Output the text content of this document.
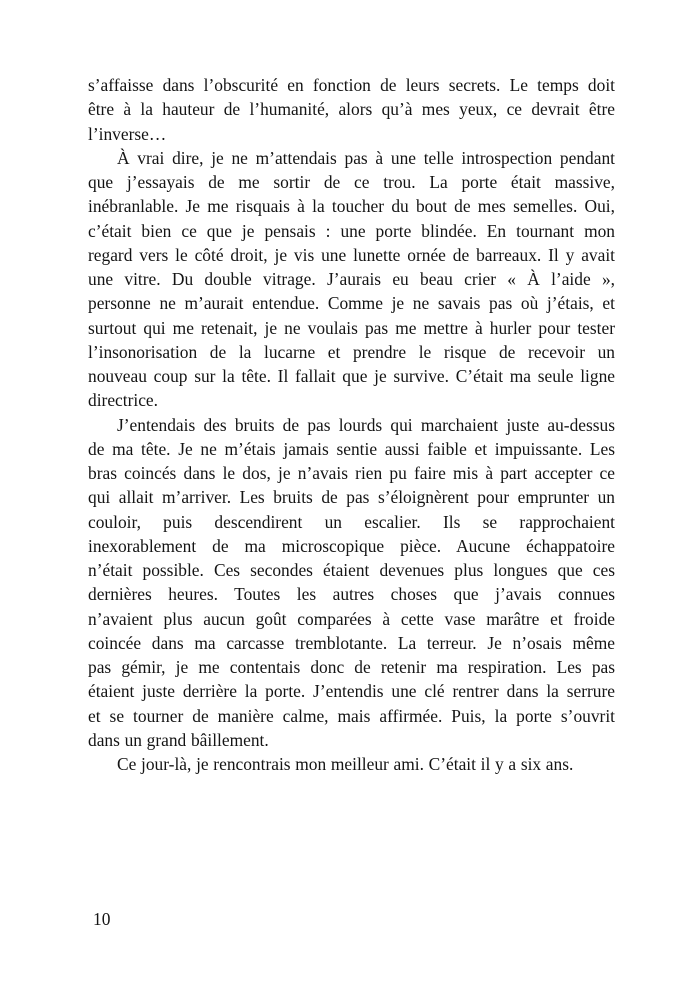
s’affaisse dans l’obscurité en fonction de leurs secrets. Le temps doit
être à la hauteur de l’humanité, alors qu’à mes yeux, ce devrait être
l’inverse…
À vrai dire, je ne m’attendais pas à une telle introspection pendant
que j’essayais de me sortir de ce trou. La porte était massive,
inébranlable. Je me risquais à la toucher du bout de mes semelles. Oui,
c’était bien ce que je pensais : une porte blindée. En tournant mon
regard vers le côté droit, je vis une lunette ornée de barreaux. Il y avait
une vitre. Du double vitrage. J’aurais eu beau crier « À l’aide »,
personne ne m’aurait entendue. Comme je ne savais pas où j’étais, et
surtout qui me retenait, je ne voulais pas me mettre à hurler pour tester
l’insonorisation de la lucarne et prendre le risque de recevoir un
nouveau coup sur la tête. Il fallait que je survive. C’était ma seule ligne
directrice.
J’entendais des bruits de pas lourds qui marchaient juste au-dessus
de ma tête. Je ne m’étais jamais sentie aussi faible et impuissante. Les
bras coincés dans le dos, je n’avais rien pu faire mis à part accepter ce
qui allait m’arriver. Les bruits de pas s’éloignèrent pour emprunter un
couloir, puis descendirent un escalier. Ils se rapprochaient
inexorablement de ma microscopique pièce. Aucune échappatoire
n’était possible. Ces secondes étaient devenues plus longues que ces
dernières heures. Toutes les autres choses que j’avais connues
n’avaient plus aucun goût comparées à cette vase marâtre et froide
coincée dans ma carcasse tremblotante. La terreur. Je n’osais même
pas gémir, je me contentais donc de retenir ma respiration. Les pas
étaient juste derrière la porte. J’entendis une clé rentrer dans la serrure
et se tourner de manière calme, mais affirmée. Puis, la porte s’ouvrit
dans un grand bâillement.
Ce jour-là, je rencontrais mon meilleur ami. C’était il y a six ans.
10
